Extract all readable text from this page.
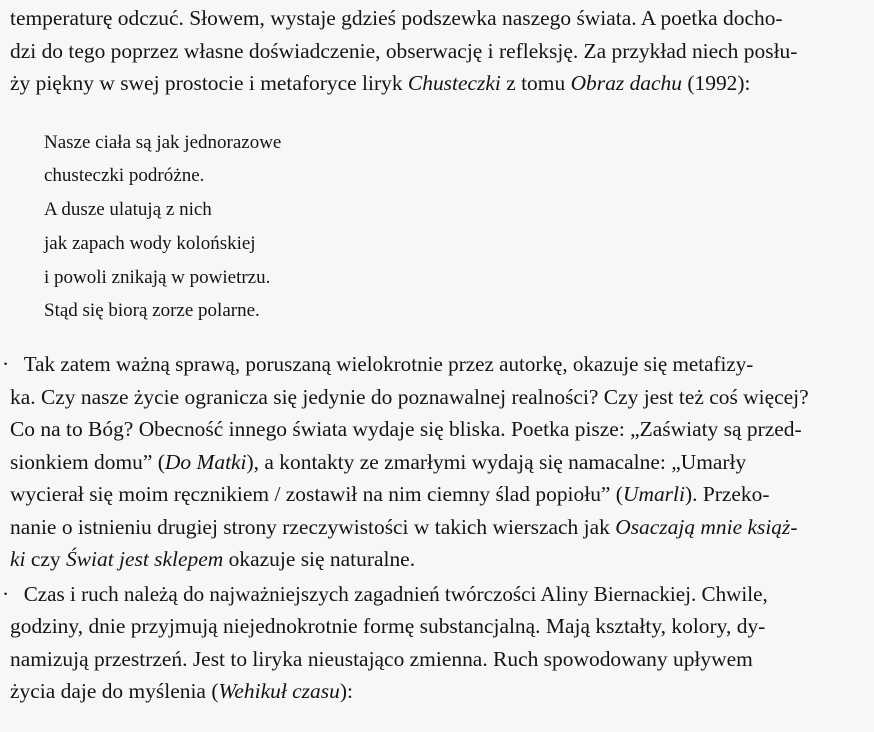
temperaturę odczuć. Słowem, wystaje gdzieś podszewka naszego świata. A poetka docho-
dzi do tego poprzez własne doświadczenie, obserwację i refleksję. Za przykład niech posłu-
ży piękny w swej prostocie i metaforyce liryk Chusteczki z tomu Obraz dachu (1992):

Nasze ciała są jak jednorazowe
chusteczki podróżne.
A dusze ulatują z nich
jak zapach wody kolońskiej
i powoli znikają w powietrzu.
Stąd się biorą zorze polarne.
· Tak zatem ważną sprawą, poruszaną wielokrotnie przez autorkę, okazuje się metafizy-
ka. Czy nasze życie ogranicza się jedynie do poznawalnej realności? Czy jest też coś więcej?
Co na to Bóg? Obecność innego świata wydaje się bliska. Poetka pisze: „Zaświaty są przed-
sionkiem domu” (Do Matki), a kontakty ze zmarłymi wydają się namacalne: „Umarły
wycierał się moim ręcznikiem / zostawił na nim ciemny ślad popiołu” (Umarli). Przeko-
nanie o istnieniu drugiej strony rzeczywistości w takich wierszach jak Osaczają mnie książ-
ki czy Świat jest sklepem okazuje się naturalne.
· Czas i ruch należą do najważniejszych zagadnień twórczości Aliny Biernackiej. Chwile,
godziny, dnie przyjmują niejednokrotnie formę substancjalną. Mają kształty, kolory, dy-
namizują przestrzeń. Jest to liryka nieustająco zmienna. Ruch spowodowany upływem
życia daje do myślenia (Wehikuł czasu):
